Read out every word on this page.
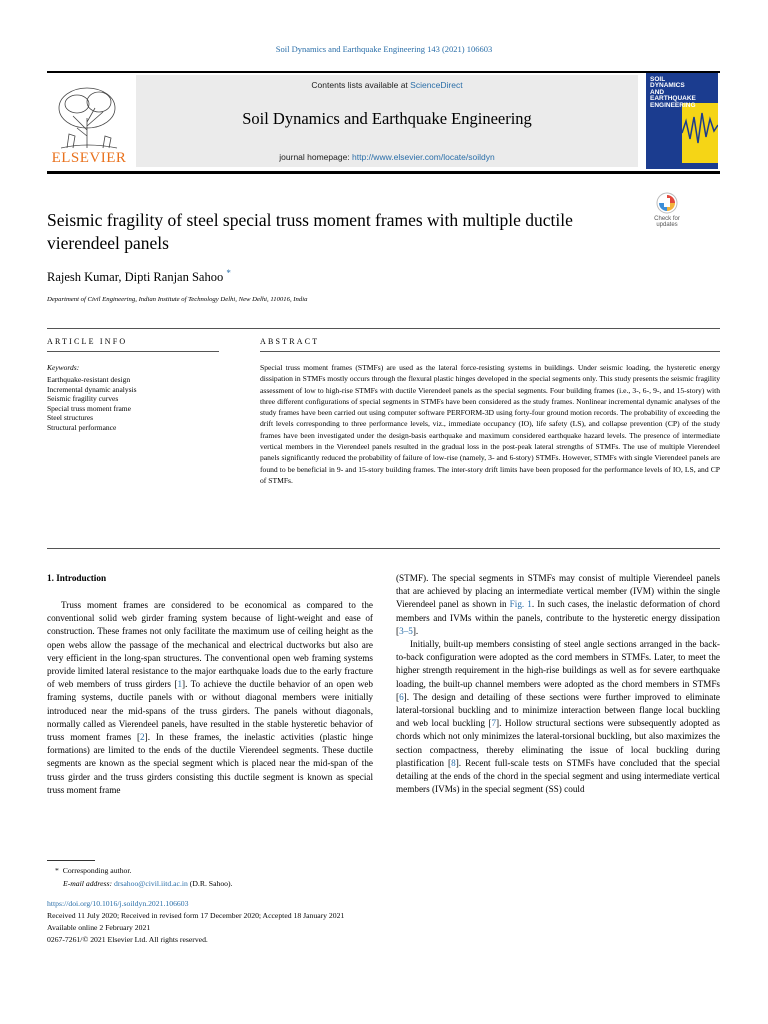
Soil Dynamics and Earthquake Engineering 143 (2021) 106603
ELSEVIER
Contents lists available at ScienceDirect
Soil Dynamics and Earthquake Engineering
journal homepage: http://www.elsevier.com/locate/soildyn
SOIL DYNAMICS AND EARTHQUAKE ENGINEERING
Seismic fragility of steel special truss moment frames with multiple ductile vierendeel panels
Check for updates
Rajesh Kumar, Dipti Ranjan Sahoo *
Department of Civil Engineering, Indian Institute of Technology Delhi, New Delhi, 110016, India
ARTICLE INFO	ABSTRACT
Keywords:
Earthquake-resistant design
Incremental dynamic analysis
Seismic fragility curves
Special truss moment frame
Steel structures
Structural performance
Special truss moment frames (STMFs) are used as the lateral force-resisting systems in buildings. Under seismic loading, the hysteretic energy dissipation in STMFs mostly occurs through the flexural plastic hinges developed in the special segments only. This study presents the seismic fragility assessment of low to high-rise STMFs with ductile Vierendeel panels as the special segments. Four building frames (i.e., 3-, 6-, 9-, and 15-story) with three different configurations of special segments in STMFs have been considered as the study frames. Nonlinear incremental dynamic analyses of the study frames have been carried out using computer software PERFORM-3D using forty-four ground motion records. The probability of exceeding the drift levels corresponding to three performance levels, viz., immediate occupancy (IO), life safety (LS), and collapse prevention (CP) of the study frames have been investigated under the design-basis earthquake and maximum considered earthquake hazard levels. The presence of intermediate vertical members in the Vierendeel panels resulted in the gradual loss in the post-peak lateral strengths of STMFs. The use of multiple Vierendeel panels significantly reduced the probability of failure of low-rise (namely, 3- and 6-story) STMFs. However, STMFs with single Vierendeel panels are found to be beneficial in 9- and 15-story building frames. The inter-story drift limits have been proposed for the performance levels of IO, LS, and CP of STMFs.
1. Introduction

Truss moment frames are considered to be economical as compared to the conventional solid web girder framing system because of light-weight and ease of construction. These frames not only facilitate the maximum use of ceiling height as the open webs allow the passage of the mechanical and electrical ductworks but also are very efficient in the long-span structures. The conventional open web framing systems provide limited lateral resistance to the major earthquake loads due to the early fracture of web members of truss girders [1]. To achieve the ductile behavior of an open web framing systems, ductile panels with or without diagonal members were initially introduced near the mid-spans of the truss girders. The panels without diagonals, normally called as Vierendeel panels, have resulted in the stable hysteretic behavior of truss moment frames [2]. In these frames, the inelastic activities (plastic hinge formations) are limited to the ends of the ductile Vierendeel segments. These ductile segments are known as the special segment which is placed near the mid-span of the truss girder and the truss girders consisting this ductile segment is known as special truss moment frame

(STMF). The special segments in STMFs may consist of multiple Vierendeel panels that are achieved by placing an intermediate vertical member (IVM) within the single Vierendeel panel as shown in Fig. 1. In such cases, the inelastic deformation of chord members and IVMs within the panels, contribute to the hysteretic energy dissipation [3–5].

Initially, built-up members consisting of steel angle sections arranged in the back-to-back configuration were adopted as the cord members in STMFs. Later, to meet the higher strength requirement in the high-rise buildings as well as for severe earthquake loading, the built-up channel members were adopted as the chord members in STMFs [6]. The design and detailing of these sections were further improved to eliminate lateral-torsional buckling and to minimize interaction between flange local buckling and web local buckling [7]. Hollow structural sections were subsequently adopted as chords which not only minimizes the lateral-torsional buckling, but also maximizes the section compactness, thereby eliminating the issue of local buckling during plastification [8]. Recent full-scale tests on STMFs have concluded that the special detailing at the ends of the chord in the special segment and using intermediate vertical members (IVMs) in the special segment (SS) could

*  Corresponding author.
E-mail address: drsahoo@civil.iitd.ac.in (D.R. Sahoo).
https://doi.org/10.1016/j.soildyn.2021.106603
Received 11 July 2020; Received in revised form 17 December 2020; Accepted 18 January 2021
Available online 2 February 2021
0267-7261/© 2021 Elsevier Ltd. All rights reserved.
